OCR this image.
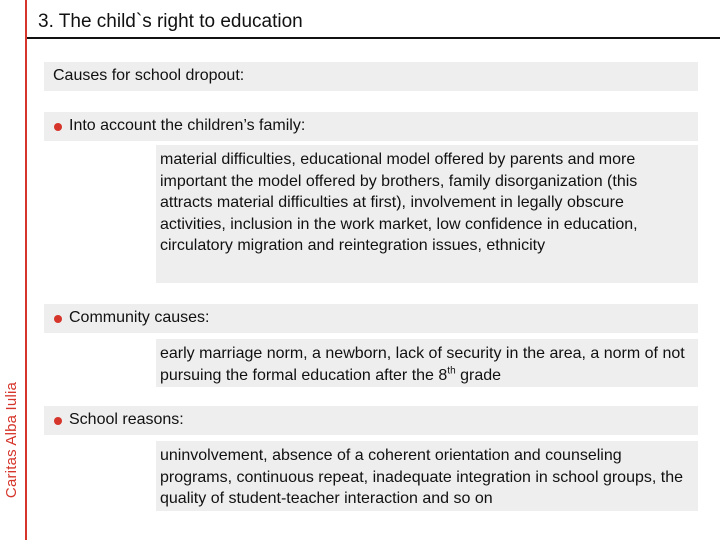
Caritas Alba Iulia
3. The child`s right to education
Causes for school dropout:
Into account the children’s family:
material difficulties, educational model offered by parents and more important the model offered by brothers, family disorganization (this attracts material difficulties at first), involvement in legally obscure activities, inclusion in the work market, low confidence in education, circulatory migration and reintegration issues, ethnicity
Community causes:
early marriage norm, a newborn, lack of security in the area, a norm of not pursuing the formal education after the 8th grade
School reasons:
uninvolvement, absence of a coherent orientation and counseling programs, continuous repeat, inadequate integration in school groups, the quality of student-teacher interaction and so on
